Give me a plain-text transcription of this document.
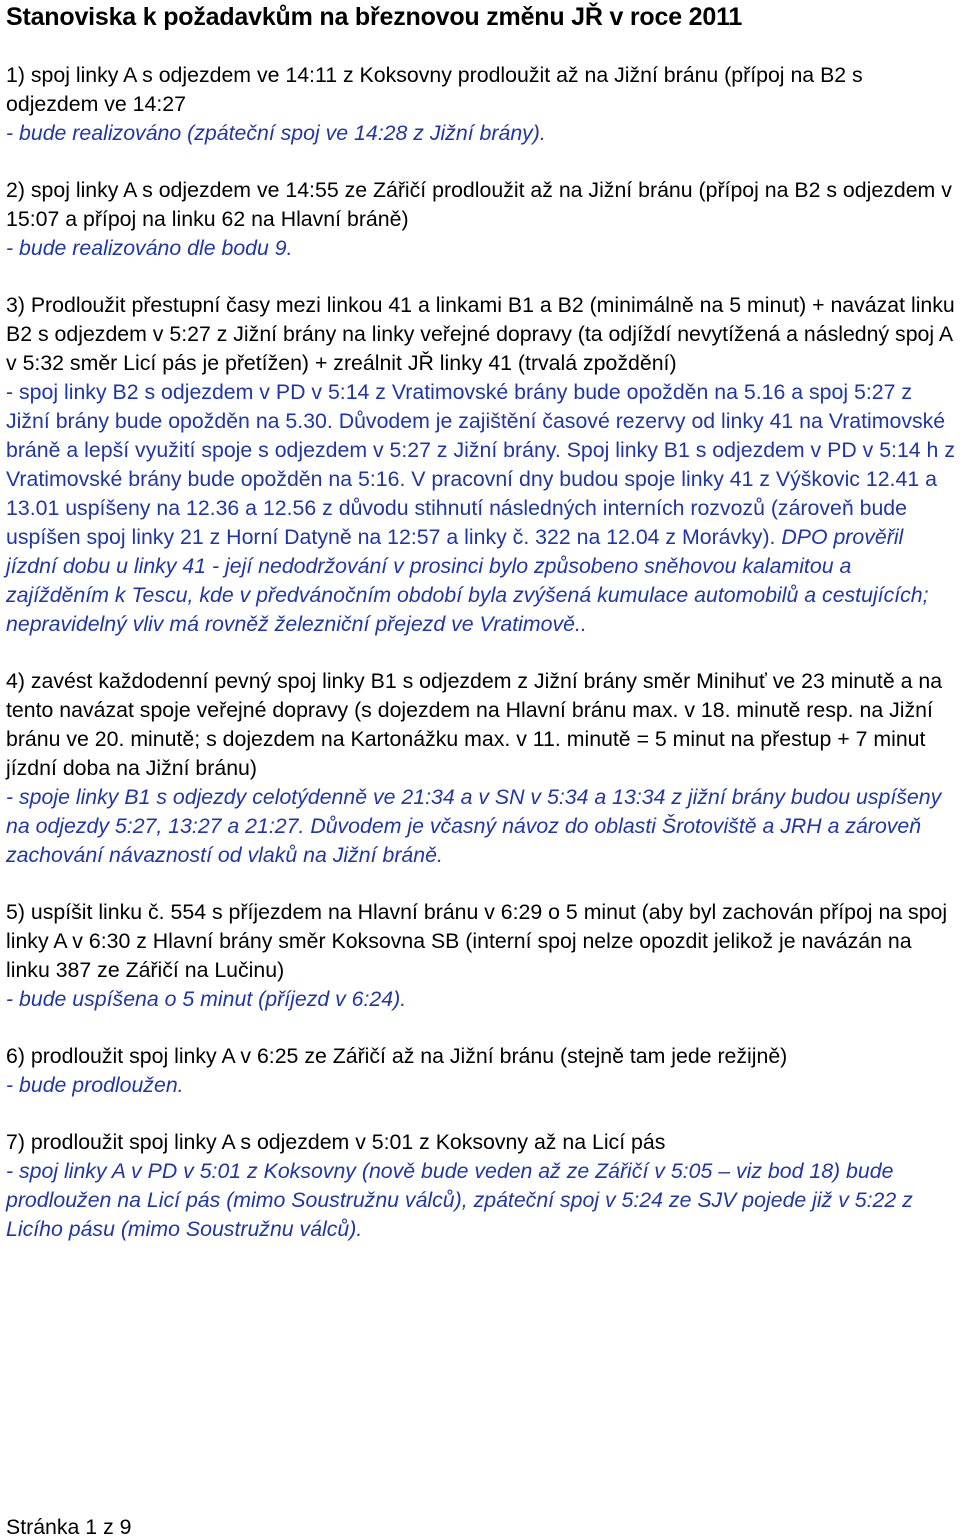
Stanoviska k požadavkům na březnovou změnu JŘ v roce 2011

1) spoj linky A s odjezdem ve 14:11 z Koksovny prodloužit až na Jižní bránu (přípoj na B2 s odjezdem ve 14:27

- bude realizováno (zpáteční spoj ve 14:28 z Jižní brány).

2) spoj linky A s odjezdem ve 14:55 ze Zářičí prodloužit až na Jižní bránu (přípoj na B2 s odjezdem v 15:07 a přípoj na linku 62 na Hlavní bráně)

- bude realizováno dle bodu 9.

3) Prodloužit přestupní časy mezi linkou 41 a linkami B1 a B2 (minimálně na 5 minut) + navázat linku B2 s odjezdem v 5:27 z Jižní brány na linky veřejné dopravy (ta odjíždí nevytížená a následný spoj A v 5:32 směr Licí pás je přetížen) + zreálnit JŘ linky 41 (trvalá zpoždění)

- spoj linky B2 s odjezdem v PD v 5:14 z Vratimovské brány bude opožděn na 5.16 a spoj 5:27 z Jižní brány bude opožděn na 5.30. Důvodem je zajištění časové rezervy od linky 41 na Vratimovské bráně a lepší využití spoje s odjezdem v 5:27 z Jižní brány. Spoj linky B1 s odjezdem v PD v 5:14 h z Vratimovské brány bude opožděn na 5:16. V pracovní dny budou spoje linky 41 z Výškovic 12.41 a 13.01 uspíšeny na 12.36 a 12.56 z důvodu stihnutí následných interních rozvozů (zároveň bude uspíšen spoj linky 21 z Horní Datyně na 12:57 a linky č. 322 na 12.04 z Morávky). DPO prověřil jízdní dobu u linky 41 - její nedodržování v prosinci bylo způsobeno sněhovou kalamitou a zajížděním k Tescu, kde v předvánočním období byla zvýšená kumulace automobilů a cestujících; nepravidelný vliv má rovněž železniční přejezd ve Vratimově..

4) zavést každodenní pevný spoj linky B1 s odjezdem z Jižní brány směr Minihuť ve 23 minutě a na tento navázat spoje veřejné dopravy (s dojezdem na Hlavní bránu max. v 18. minutě resp. na Jižní bránu ve 20. minutě; s dojezdem na Kartonážku max. v 11. minutě = 5 minut na přestup + 7 minut jízdní doba na Jižní bránu)

- spoje linky B1 s odjezdy celotýdenně ve 21:34 a v SN v 5:34 a 13:34 z jižní brány budou uspíšeny na odjezdy 5:27, 13:27 a 21:27. Důvodem je včasný návoz do oblasti Šrotoviště a JRH a zároveň zachování návazností od vlaků na Jižní bráně.

5) uspíšit linku č. 554 s příjezdem na Hlavní bránu v 6:29 o 5 minut (aby byl zachován přípoj na spoj linky A v 6:30 z Hlavní brány směr Koksovna SB (interní spoj nelze opozdit jelikož je navázán na linku 387 ze Zářičí na Lučinu)

- bude uspíšena o 5 minut (příjezd v 6:24).

6) prodloužit spoj linky A v 6:25 ze Zářičí až na Jižní bránu (stejně tam jede režijně)

- bude prodloužen.

7) prodloužit spoj linky A s odjezdem v 5:01 z Koksovny až na Licí pás

- spoj linky A v PD v 5:01 z Koksovny (nově bude veden až ze Zářičí v 5:05 – viz bod 18) bude prodloužen na Licí pás (mimo Soustružnu válců), zpáteční spoj v 5:24 ze SJV pojede již v 5:22 z Licího pásu (mimo Soustružnu válců).

Stránka 1 z 9
